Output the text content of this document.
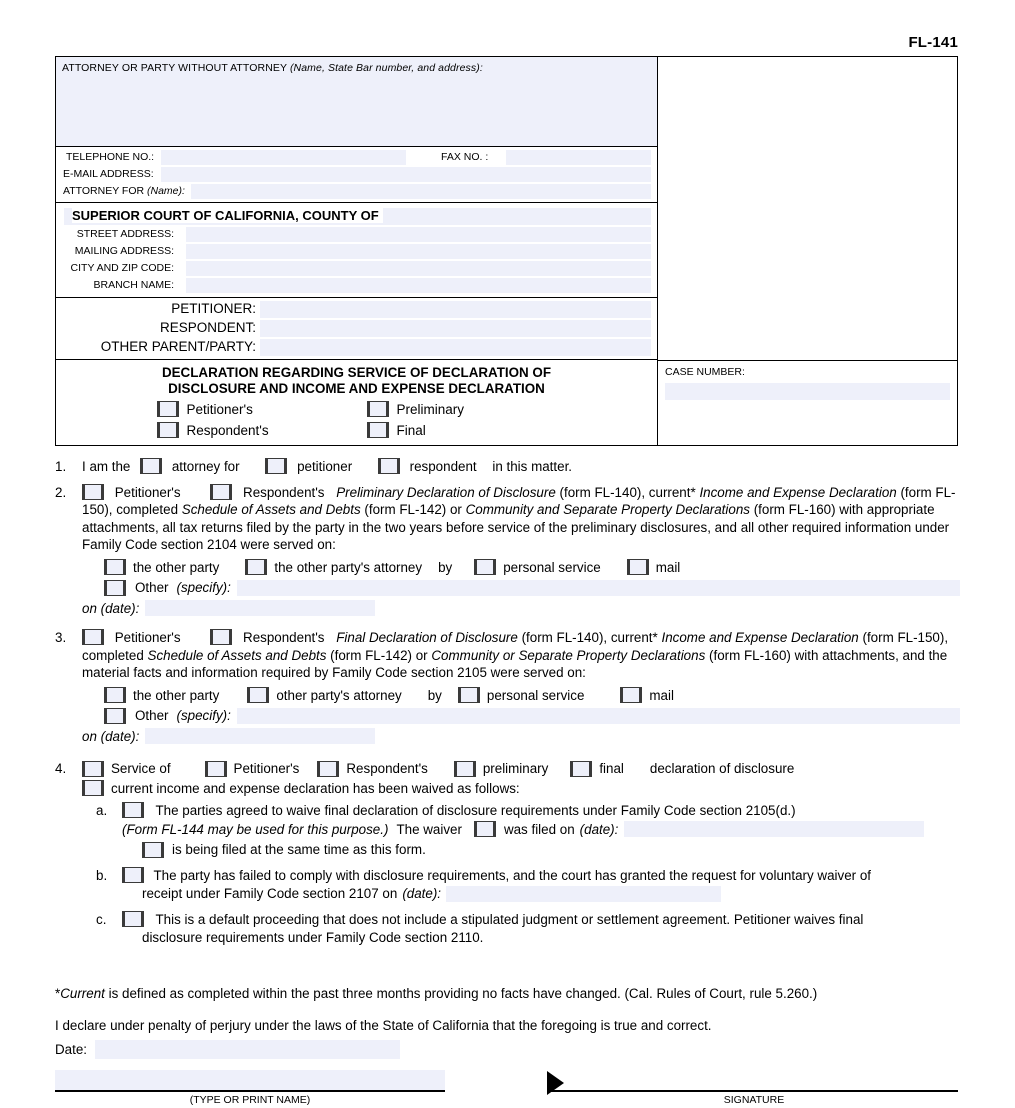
FL-141
ATTORNEY OR PARTY WITHOUT ATTORNEY (Name, State Bar number, and address):
TELEPHONE NO.:	FAX NO. :
E-MAIL ADDRESS:
ATTORNEY FOR (Name):
SUPERIOR COURT OF CALIFORNIA, COUNTY OF
STREET ADDRESS:
MAILING ADDRESS:
CITY AND ZIP CODE:
BRANCH NAME:
PETITIONER:
RESPONDENT:
OTHER PARENT/PARTY:
DECLARATION REGARDING SERVICE OF DECLARATION OF
DISCLOSURE AND INCOME AND EXPENSE DECLARATION
Petitioner's
Respondent's
Preliminary
Final
CASE NUMBER:
1.	I am the	attorney for	petitioner	respondent in this matter.
2.	Petitioner's	Respondent's Preliminary Declaration of Disclosure (form FL-140), current* Income and Expense Declaration (form FL-150), completed Schedule of Assets and Debts (form FL-142) or Community and Separate Property Declarations (form FL-160) with appropriate attachments, all tax returns filed by the party in the two years before service of the preliminary disclosures, and all other required information under Family Code section 2104 were served on:
the other party	the other party's attorney by	personal service	mail
Other (specify):
on (date):
3.	Petitioner's	Respondent's Final Declaration of Disclosure (form FL-140), current* Income and Expense Declaration (form FL-150), completed Schedule of Assets and Debts (form FL-142) or Community or Separate Property Declarations (form FL-160) with attachments, and the material facts and information required by Family Code section 2105 were served on:
the other party	other party's attorney by	personal service	mail
Other (specify):
on (date):
4.	Service of	Petitioner's	Respondent's	preliminary	final declaration of disclosure
current income and expense declaration has been waived as follows:
a.	The parties agreed to waive final declaration of disclosure requirements under Family Code section 2105(d.)
(Form FL-144 may be used for this purpose.) The waiver	was filed on (date):
is being filed at the same time as this form.
b.	The party has failed to comply with disclosure requirements, and the court has granted the request for voluntary waiver of
receipt under Family Code section 2107 on (date):
c.	This is a default proceeding that does not include a stipulated judgment or settlement agreement. Petitioner waives final
disclosure requirements under Family Code section 2110.
*Current is defined as completed within the past three months providing no facts have changed. (Cal. Rules of Court, rule 5.260.)
I declare under penalty of perjury under the laws of the State of California that the foregoing is true and correct.
Date:
(TYPE OR PRINT NAME)	SIGNATURE
